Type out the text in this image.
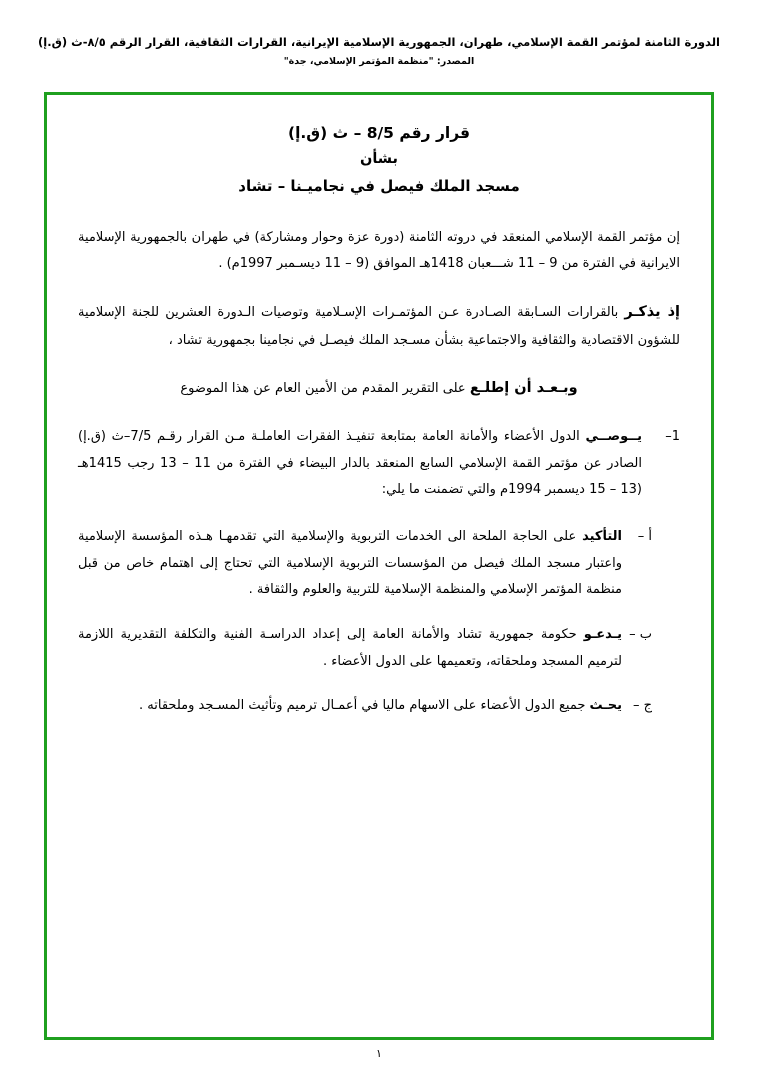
الدورة الثامنة لمؤتمر القمة الإسلامي، طهران، الجمهورية الإسلامية الإيرانية، القرارات الثقافية، القرار الرقم ٨/٥-ث (ق.إ)
المصدر: "منظمة المؤتمر الإسلامي، جدة"
قرار رقم 8/5 – ث (ق.إ)
بشأن
مسجد الملك فيصل في نجاميـنا – تشاد

إن مؤتمر القمة الإسلامي المنعقد في دروته الثامنة (دورة عزة وحوار ومشاركة) في طهران بالجمهورية الإسلامية الايرانية في الفترة من 9 – 11 شـــعبان 1418هـ الموافق (9 – 11 ديسـمبر 1997م) .

إذ يذكـر بالقرارات السـابقة الصـادرة عـن المؤتمـرات الإسـلامية وتوصيات الـدورة العشرين للجنة الإسلامية للشؤون الاقتصادية والثقافية والاجتماعية بشأن مسـجد الملك فيصـل في نجامينا بجمهورية تشاد ،

وبـعـد أن إطلـع على التقرير المقدم من الأمين العام عن هذا الموضوع

1–
يــوصــي الدول الأعضاء والأمانة العامة بمتابعة تنفيـذ الفقرات العاملـة مـن القرار رقـم 7/5–ث (ق.إ) الصادر عن مؤتمر القمة الإسلامي السابع المنعقد بالدار البيضاء في الفترة من 11 – 13 رجب 1415هـ (13 – 15 ديسمبر 1994م والتي تضمنت ما يلي:
أ –
التأكيد على الحاجة الملحة الى الخدمات التربوية والإسلامية التي تقدمهـا هـذه المؤسسة الإسلامية واعتبار مسجد الملك فيصل من المؤسسات التربوية الإسلامية التي تحتاج إلى اهتمام خاص من قبل منظمة المؤتمر الإسلامي والمنظمة الإسلامية للتربية والعلوم والثقافة .
ب –
يـدعـو حكومة جمهورية تشاد والأمانة العامة إلى إعداد الدراسـة الفنية والتكلفة التقديرية اللازمة لترميم المسجد وملحقاته، وتعميمها على الدول الأعضاء .
ج –
يحـث جميع الدول الأعضاء على الاسهام ماليا في أعمـال ترميم وتأثيث المسـجد وملحقاته .
١
